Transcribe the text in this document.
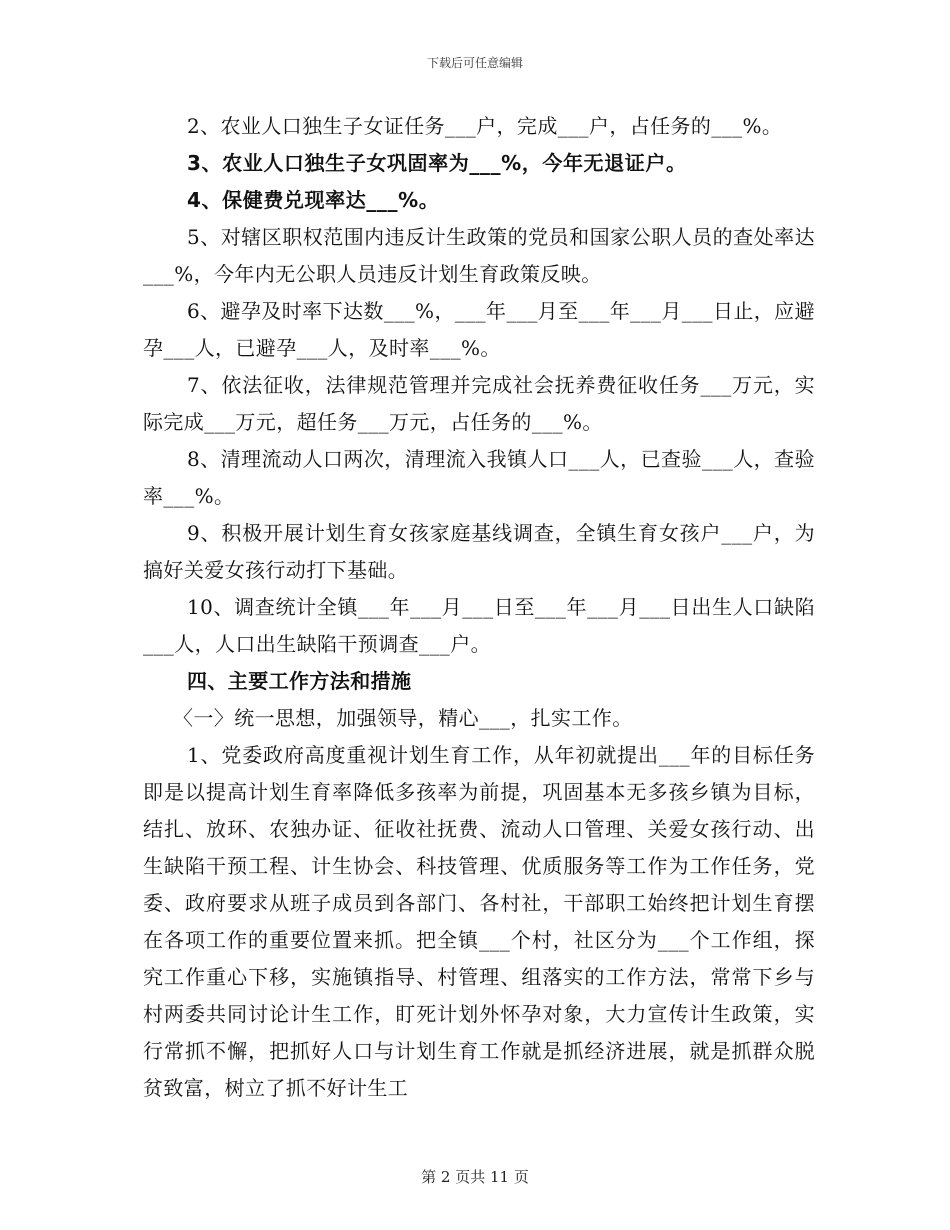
下载后可任意编辑

2、农业人口独生子女证任务___户，完成___户，占任务的___%。

3、农业人口独生子女巩固率为___%，今年无退证户。

4、保健费兑现率达___%。

5、对辖区职权范围内违反计生政策的党员和国家公职人员的查处率达___%，今年内无公职人员违反计划生育政策反映。

6、避孕及时率下达数___%，___年___月至___年___月___日止，应避孕___人，已避孕___人，及时率___%。

7、依法征收，法律规范管理并完成社会抚养费征收任务___万元，实际完成___万元，超任务___万元，占任务的___%。

8、清理流动人口两次，清理流入我镇人口___人，已查验___人，查验率___%。

9、积极开展计划生育女孩家庭基线调查，全镇生育女孩户___户，为搞好关爱女孩行动打下基础。

10、调查统计全镇___年___月___日至___年___月___日出生人口缺陷___人，人口出生缺陷干预调查___户。

四、主要工作方法和措施

〈一〉统一思想，加强领导，精心___，扎实工作。

1、党委政府高度重视计划生育工作，从年初就提出___年的目标任务即是以提高计划生育率降低多孩率为前提，巩固基本无多孩乡镇为目标，结扎、放环、农独办证、征收社抚费、流动人口管理、关爱女孩行动、出生缺陷干预工程、计生协会、科技管理、优质服务等工作为工作任务，党委、政府要求从班子成员到各部门、各村社，干部职工始终把计划生育摆在各项工作的重要位置来抓。把全镇___个村，社区分为___个工作组，探究工作重心下移，实施镇指导、村管理、组落实的工作方法，常常下乡与村两委共同讨论计生工作，盯死计划外怀孕对象，大力宣传计生政策，实行常抓不懈，把抓好人口与计划生育工作就是抓经济进展，就是抓群众脱贫致富，树立了抓不好计生工

第 2 页共 11 页
